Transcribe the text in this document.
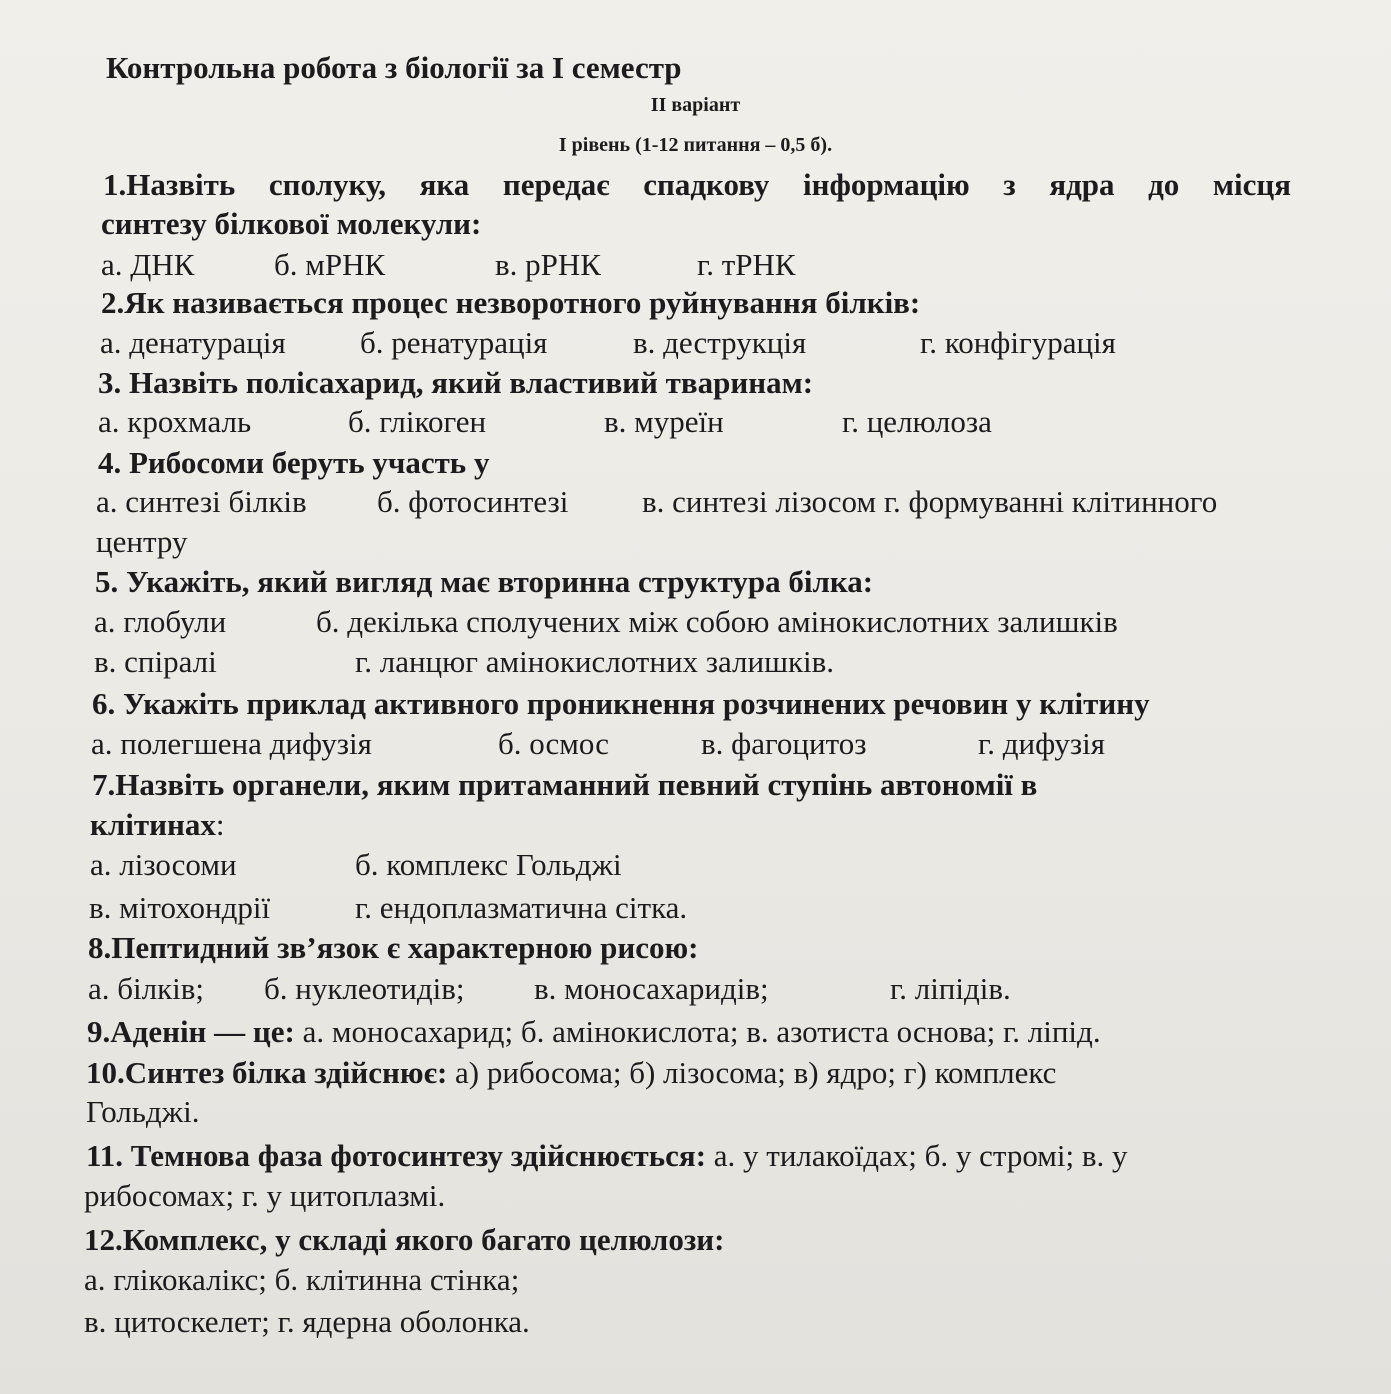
Контрольна робота з біології за І семестр
ІІ варіант
І рівень (1-12 питання – 0,5 б).
1.Назвіть сполуку, яка передає спадкову інформацію з ядра до місця
синтезу білкової молекули:
а. ДНК	б. мРНК	в. рРНК	г. тРНК
2.Як називається процес незворотного руйнування білків:
а. денатурація б. ренатурація	в. деструкція	г. конфігурація
3. Назвіть полісахарид, який властивий тваринам:
а. крохмаль	б. глікоген	в. муреїн	г. целюлоза
4. Рибосоми беруть участь у
а. синтезі білків б. фотосинтезі в. синтезі лізосом г. формуванні клітинного
центру
5. Укажіть, який вигляд має вторинна структура білка:
а. глобули	б. декілька сполучених між собою амінокислотних залишків
в. спіралі	г. ланцюг амінокислотних залишків.
6. Укажіть приклад активного проникнення розчинених речовин у клітину
а. полегшена дифузія	б. осмос	в. фагоцитоз	г. дифузія
7.Назвіть органели, яким притаманний певний ступінь автономії в
клітинах:
а. лізосоми	б. комплекс Гольджі
в. мітохондрії	г. ендоплазматична сітка.
8.Пептидний зв’язок є характерною рисою:
а. білків; б. нуклеотидів; в. моносахаридів;	г. ліпідів.
9.Аденін — це: а. моносахарид; б. амінокислота; в. азотиста основа; г. ліпід.
10.Синтез білка здійснює: а) рибосома; б) лізосома; в) ядро; г) комплекс
Гольджі.
11. Темнова фаза фотосинтезу здійснюється: а. у тилакоїдах; б. у стромі; в. у
рибосомах; г. у цитоплазмі.
12.Комплекс, у складі якого багато целюлози:
а. глікокалікс; б. клітинна стінка;
в. цитоскелет; г. ядерна оболонка.
